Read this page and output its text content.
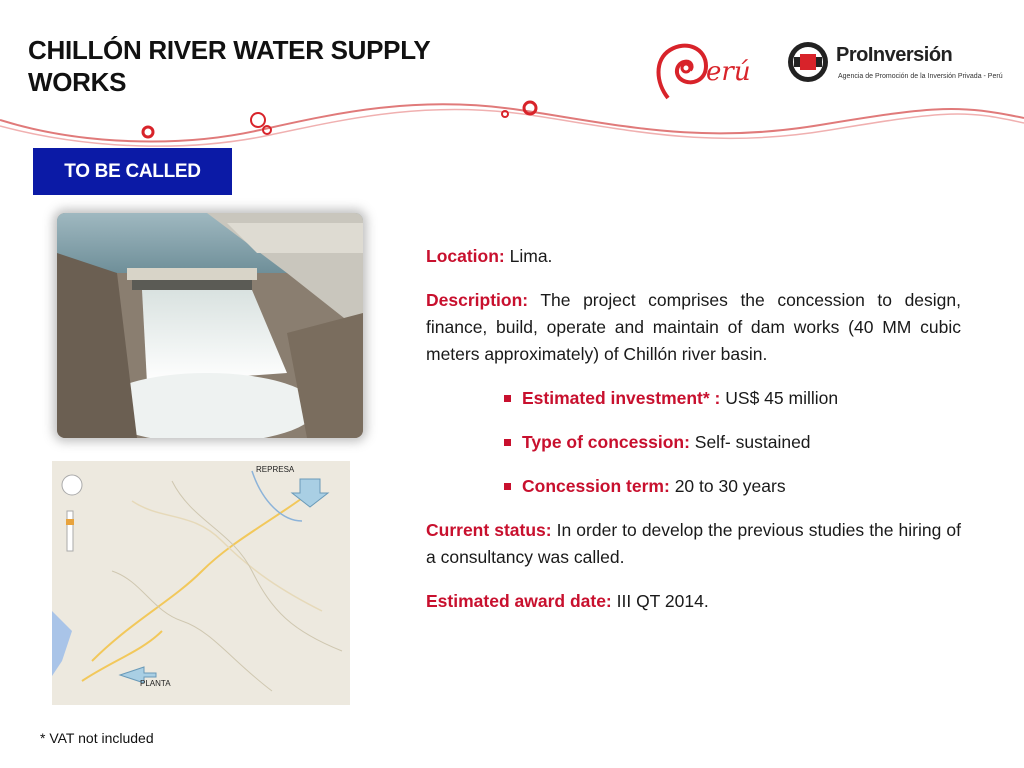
CHILLÓN RIVER WATER SUPPLY WORKS	erú
ProInversión
Agencia de Promoción de la Inversión Privada - Perú
TO BE CALLED
REPRESA
PLANTA

Location: Lima.

Description: The project comprises the concession to design, finance, build, operate and maintain of dam works (40 MM cubic meters approximately) of Chillón river basin.

Estimated investment* : US$ 45 million
Type of concession: Self- sustained
Concession term: 20 to 30 years

Current status: In order to develop the previous studies the hiring of a consultancy was called.

Estimated award date: III QT 2014.

* VAT not included
